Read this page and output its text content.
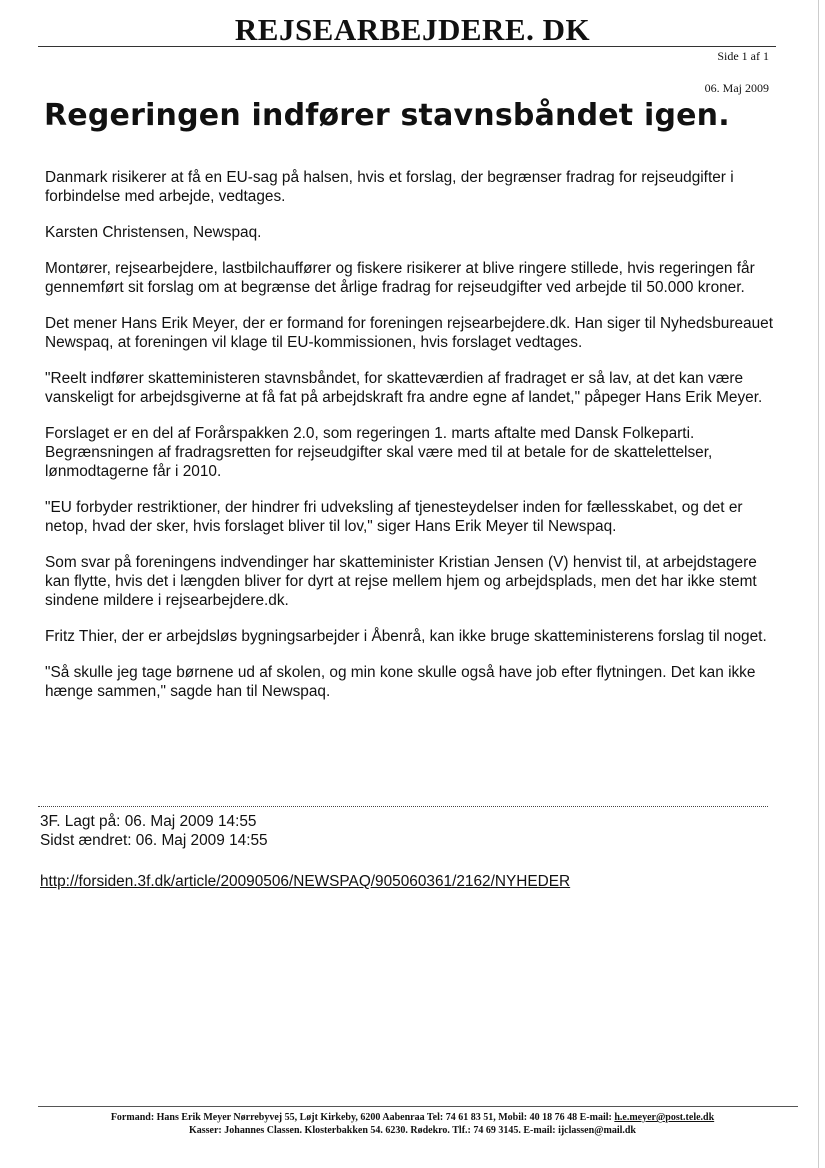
REJSEARBEJDERE. DK
Side 1 af 1
06. Maj 2009
Regeringen indfører stavnsbåndet igen.

Danmark risikerer at få en EU-sag på halsen, hvis et forslag, der begrænser fradrag for rejseudgifter i forbindelse med arbejde, vedtages.

Karsten Christensen, Newspaq.

Montører, rejsearbejdere, lastbilchauffører og fiskere risikerer at blive ringere stillede, hvis regeringen får gennemført sit forslag om at begrænse det årlige fradrag for rejseudgifter ved arbejde til 50.000 kroner.

Det mener Hans Erik Meyer, der er formand for foreningen rejsearbejdere.dk. Han siger til Nyhedsbureauet Newspaq, at foreningen vil klage til EU-kommissionen, hvis forslaget vedtages.

"Reelt indfører skatteministeren stavnsbåndet, for skatteværdien af fradraget er så lav, at det kan være vanskeligt for arbejdsgiverne at få fat på arbejdskraft fra andre egne af landet," påpeger Hans Erik Meyer.

Forslaget er en del af Forårspakken 2.0, som regeringen 1. marts aftalte med Dansk Folkeparti. Begrænsningen af fradragsretten for rejseudgifter skal være med til at betale for de skattelettelser, lønmodtagerne får i 2010.

"EU forbyder restriktioner, der hindrer fri udveksling af tjenesteydelser inden for fællesskabet, og det er netop, hvad der sker, hvis forslaget bliver til lov," siger Hans Erik Meyer til Newspaq.

Som svar på foreningens indvendinger har skatteminister Kristian Jensen (V) henvist til, at arbejdstagere kan flytte, hvis det i længden bliver for dyrt at rejse mellem hjem og arbejdsplads, men det har ikke stemt sindene mildere i rejsearbejdere.dk.

Fritz Thier, der er arbejdsløs bygningsarbejder i Åbenrå, kan ikke bruge skatteministerens forslag til noget.

"Så skulle jeg tage børnene ud af skolen, og min kone skulle også have job efter flytningen. Det kan ikke hænge sammen," sagde han til Newspaq.

3F. Lagt på: 06. Maj 2009 14:55
Sidst ændret: 06. Maj 2009 14:55
http://forsiden.3f.dk/article/20090506/NEWSPAQ/905060361/2162/NYHEDER
Formand: Hans Erik Meyer Nørrebyvej 55, Løjt Kirkeby, 6200 Aabenraa Tel: 74 61 83 51, Mobil: 40 18 76 48 E-mail: h.e.meyer@post.tele.dk
Kasser: Johannes Classen. Klosterbakken 54. 6230. Rødekro. Tlf.: 74 69 3145. E-mail: ijclassen@mail.dk
